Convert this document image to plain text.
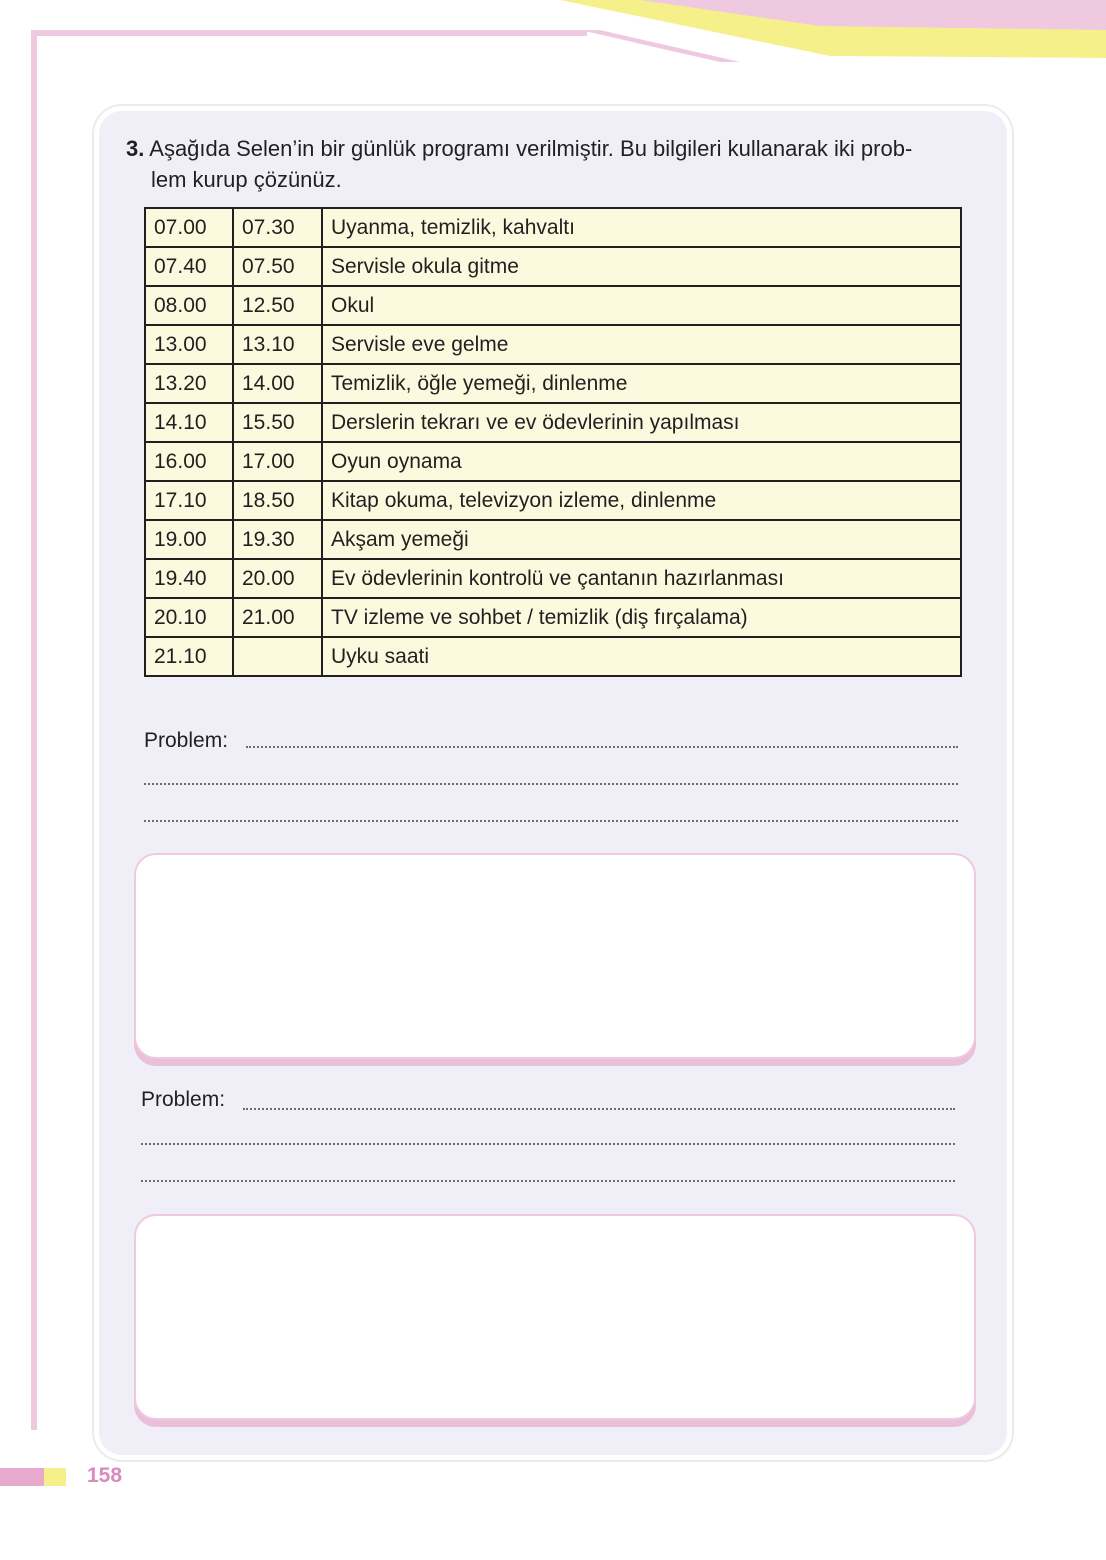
3. Aşağıda Selen’in bir günlük programı verilmiştir. Bu bilgileri kullanarak iki prob-
lem kurup çözünüz.
07.00	07.30	Uyanma, temizlik, kahvaltı
07.40	07.50	Servisle okula gitme
08.00	12.50	Okul
13.00	13.10	Servisle eve gelme
13.20	14.00	Temizlik, öğle yemeği, dinlenme
14.10	15.50	Derslerin tekrarı ve ev ödevlerinin yapılması
16.00	17.00	Oyun oynama
17.10	18.50	Kitap okuma, televizyon izleme, dinlenme
19.00	19.30	Akşam yemeği
19.40	20.00	Ev ödevlerinin kontrolü ve çantanın hazırlanması
20.10	21.00	TV izleme ve sohbet / temizlik (diş fırçalama)
21.10		Uyku saati
Problem:
Problem:
158
